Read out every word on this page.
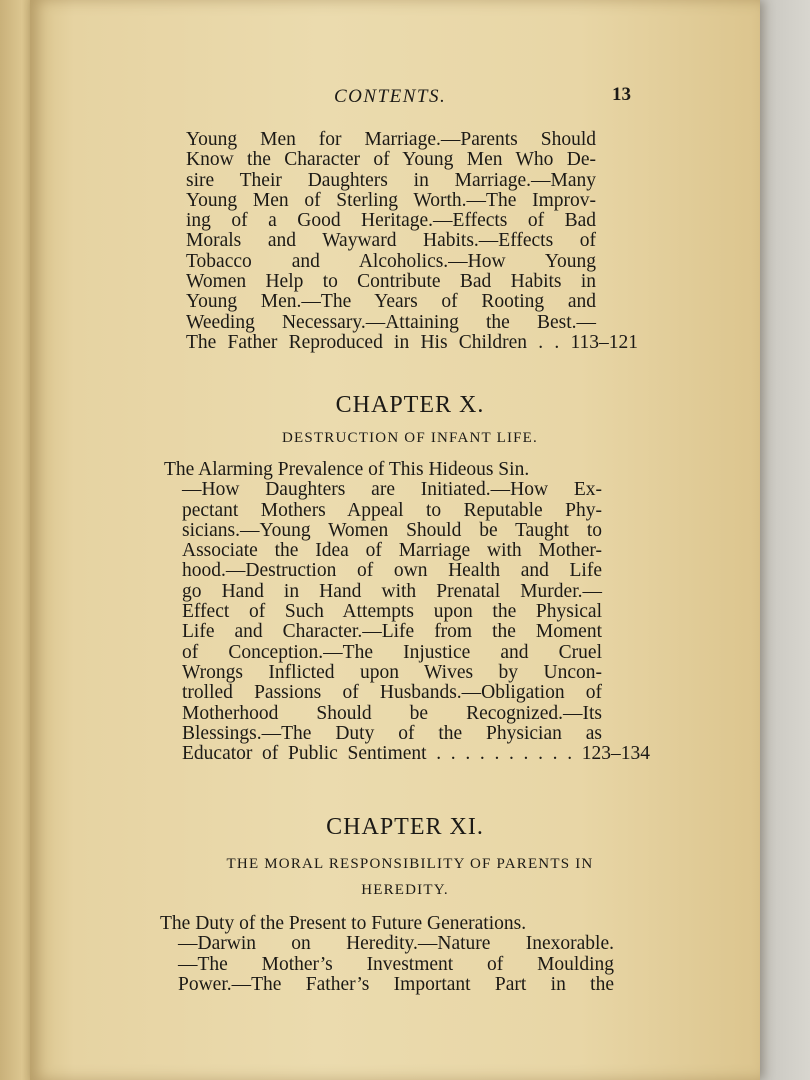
CONTENTS.	13
Young Men for Marriage.—Parents Should
Know the Character of Young Men Who De-
sire Their Daughters in Marriage.—Many
Young Men of Sterling Worth.—The Improv-
ing of a Good Heritage.—Effects of Bad
Morals and Wayward Habits.—Effects of
Tobacco and Alcoholics.—How Young
Women Help to Contribute Bad Habits in
Young Men.—The Years of Rooting and
Weeding Necessary.—Attaining the Best.—
The Father Reproduced in His Children . . 113–121
CHAPTER X.
DESTRUCTION OF INFANT LIFE.
The Alarming Prevalence of This Hideous Sin.
—How Daughters are Initiated.—How Ex-
pectant Mothers Appeal to Reputable Phy-
sicians.—Young Women Should be Taught to
Associate the Idea of Marriage with Mother-
hood.—Destruction of own Health and Life
go Hand in Hand with Prenatal Murder.—
Effect of Such Attempts upon the Physical
Life and Character.—Life from the Moment
of Conception.—The Injustice and Cruel
Wrongs Inflicted upon Wives by Uncon-
trolled Passions of Husbands.—Obligation of
Motherhood Should be Recognized.—Its
Blessings.—The Duty of the Physician as
Educator of Public Sentiment . . . . . . . . . . 123–134
CHAPTER XI.
THE MORAL RESPONSIBILITY OF PARENTS IN
HEREDITY.
The Duty of the Present to Future Generations.
—Darwin on Heredity.—Nature Inexorable.
—The Mother’s Investment of Moulding
Power.—The Father’s Important Part in the
